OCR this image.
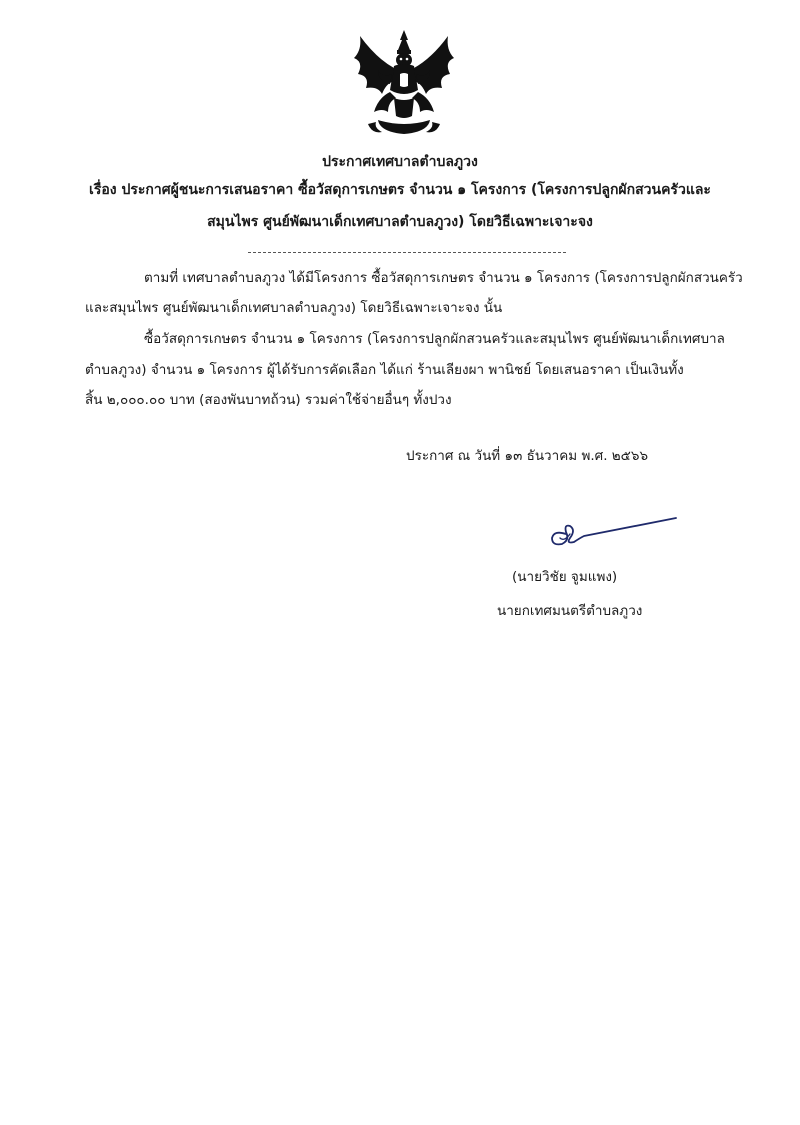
ประกาศเทศบาลตำบลภูวง
เรื่อง ประกาศผู้ชนะการเสนอราคา ซื้อวัสดุการเกษตร จำนวน ๑ โครงการ (โครงการปลูกผักสวนครัวและ
สมุนไพร ศูนย์พัฒนาเด็กเทศบาลตำบลภูวง) โดยวิธีเฉพาะเจาะจง
ตามที่ เทศบาลตำบลภูวง ได้มีโครงการ ซื้อวัสดุการเกษตร จำนวน ๑ โครงการ (โครงการปลูกผักสวนครัว
และสมุนไพร ศูนย์พัฒนาเด็กเทศบาลตำบลภูวง) โดยวิธีเฉพาะเจาะจง นั้น
ซื้อวัสดุการเกษตร จำนวน ๑ โครงการ (โครงการปลูกผักสวนครัวและสมุนไพร ศูนย์พัฒนาเด็กเทศบาล
ตำบลภูวง) จำนวน ๑ โครงการ ผู้ได้รับการคัดเลือก ได้แก่ ร้านเลียงผา พานิชย์ โดยเสนอราคา เป็นเงินทั้ง
สิ้น ๒,๐๐๐.๐๐ บาท (สองพันบาทถ้วน) รวมค่าใช้จ่ายอื่นๆ ทั้งปวง
ประกาศ ณ วันที่ ๑๓ ธันวาคม พ.ศ. ๒๕๖๖
(นายวิชัย จูมแพง)
นายกเทศมนตรีตำบลภูวง
